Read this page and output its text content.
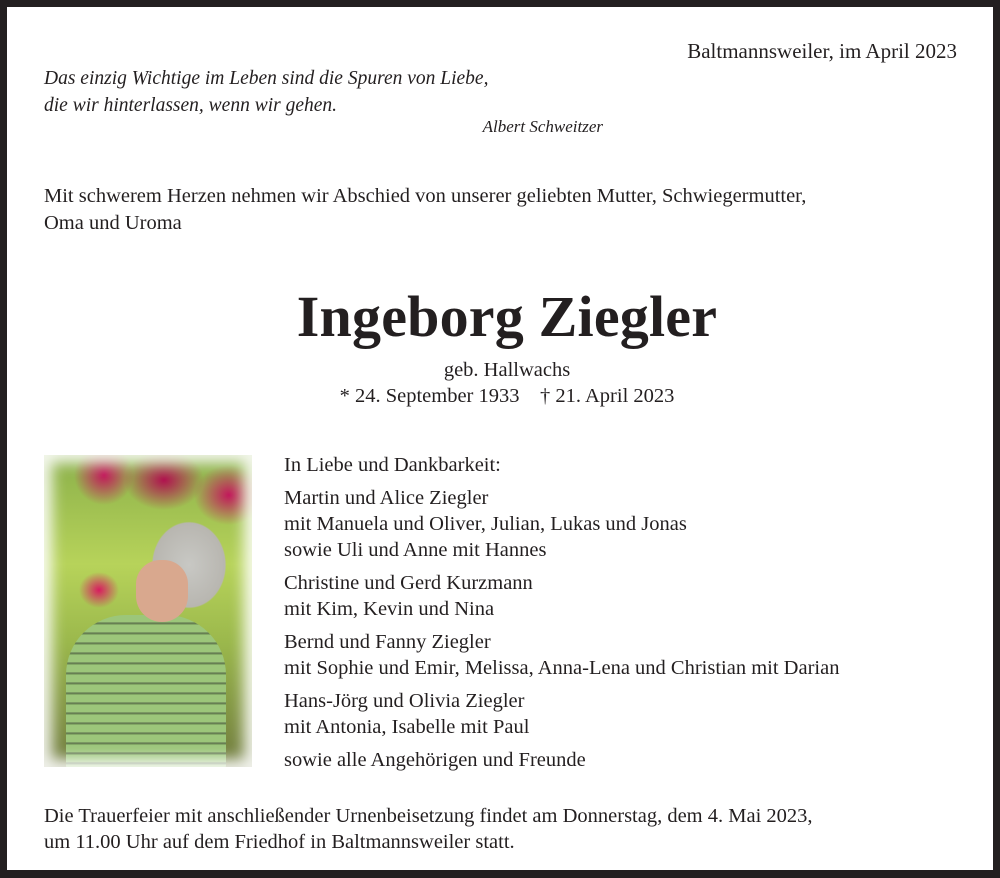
Baltmannsweiler, im April 2023
Das einzig Wichtige im Leben sind die Spuren von Liebe,
die wir hinterlassen, wenn wir gehen.
Albert Schweitzer
Mit schwerem Herzen nehmen wir Abschied von unserer geliebten Mutter, Schwiegermutter,
Oma und Uroma
Ingeborg Ziegler
geb. Hallwachs
* 24. September 1933    † 21. April 2023
In Liebe und Dankbarkeit:
Martin und Alice Ziegler
mit Manuela und Oliver, Julian, Lukas und Jonas
sowie Uli und Anne mit Hannes
Christine und Gerd Kurzmann
mit Kim, Kevin und Nina
Bernd und Fanny Ziegler
mit Sophie und Emir, Melissa, Anna-Lena und Christian mit Darian
Hans-Jörg und Olivia Ziegler
mit Antonia, Isabelle mit Paul
sowie alle Angehörigen und Freunde
Die Trauerfeier mit anschließender Urnenbeisetzung findet am Donnerstag, dem 4. Mai 2023,
um 11.00 Uhr auf dem Friedhof in Baltmannsweiler statt.
